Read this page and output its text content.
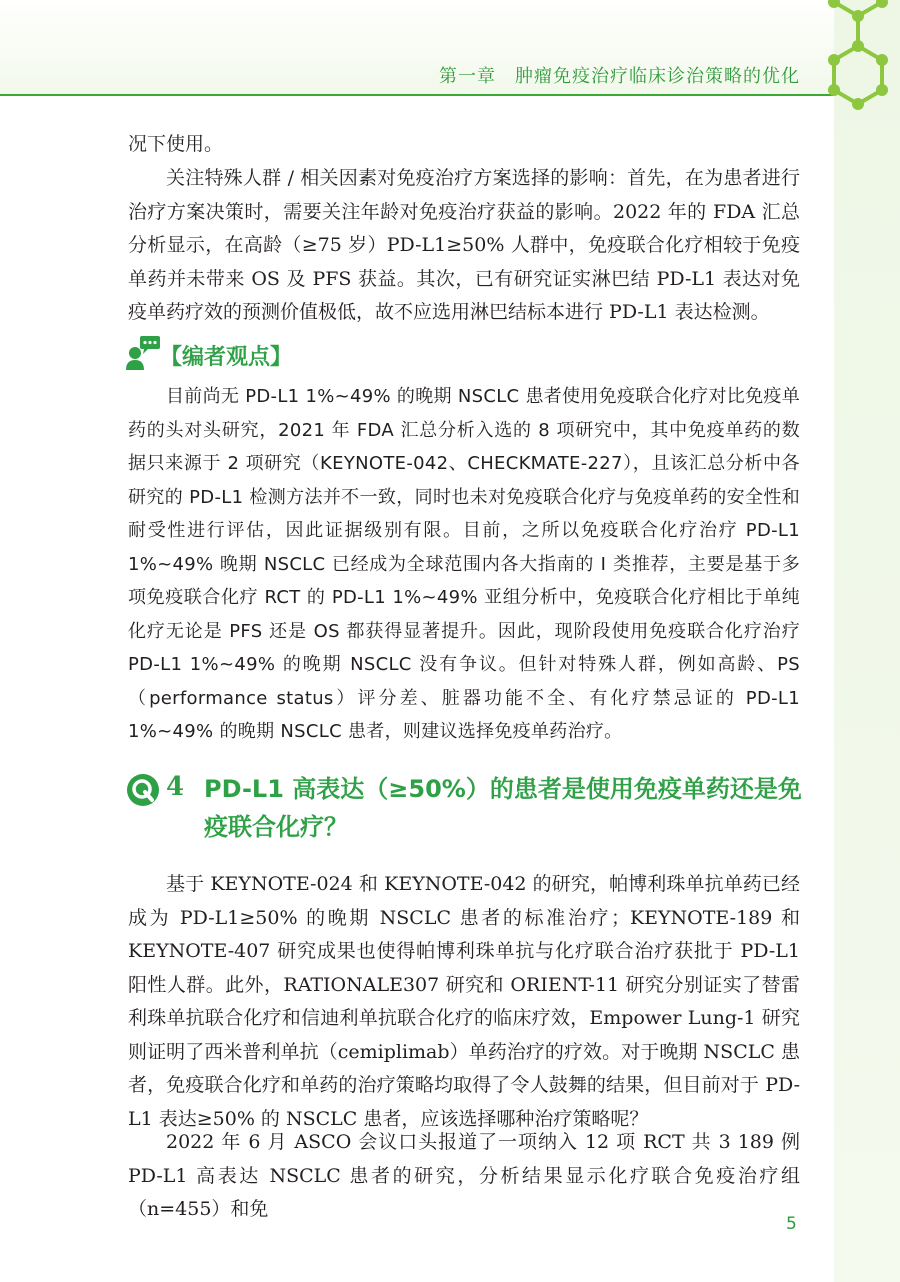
第一章　肿瘤免疫治疗临床诊治策略的优化

况下使用。

关注特殊人群 / 相关因素对免疫治疗方案选择的影响：首先，在为患者进行治疗方案决策时，需要关注年龄对免疫治疗获益的影响。2022 年的 FDA 汇总分析显示，在高龄（≥75 岁）PD-L1≥50% 人群中，免疫联合化疗相较于免疫单药并未带来 OS 及 PFS 获益。其次，已有研究证实淋巴结 PD-L1 表达对免疫单药疗效的预测价值极低，故不应选用淋巴结标本进行 PD-L1 表达检测。

【编者观点】

目前尚无 PD-L1 1%~49% 的晚期 NSCLC 患者使用免疫联合化疗对比免疫单药的头对头研究，2021 年 FDA 汇总分析入选的 8 项研究中，其中免疫单药的数据只来源于 2 项研究（KEYNOTE-042、CHECKMATE-227），且该汇总分析中各研究的 PD-L1 检测方法并不一致，同时也未对免疫联合化疗与免疫单药的安全性和耐受性进行评估，因此证据级别有限。目前，之所以免疫联合化疗治疗 PD-L1 1%~49% 晚期 NSCLC 已经成为全球范围内各大指南的 Ⅰ 类推荐，主要是基于多项免疫联合化疗 RCT 的 PD-L1 1%~49% 亚组分析中，免疫联合化疗相比于单纯化疗无论是 PFS 还是 OS 都获得显著提升。因此，现阶段使用免疫联合化疗治疗 PD-L1 1%~49% 的晚期 NSCLC 没有争议。但针对特殊人群，例如高龄、PS（performance status）评分差、脏器功能不全、有化疗禁忌证的 PD-L1 1%~49% 的晚期 NSCLC 患者，则建议选择免疫单药治疗。

4 PD-L1 高表达（≥50%）的患者是使用免疫单药还是免疫联合化疗？

基于 KEYNOTE-024 和 KEYNOTE-042 的研究，帕博利珠单抗单药已经成为 PD-L1≥50% 的晚期 NSCLC 患者的标准治疗；KEYNOTE-189 和 KEYNOTE-407 研究成果也使得帕博利珠单抗与化疗联合治疗获批于 PD-L1 阳性人群。此外，RATIONALE307 研究和 ORIENT-11 研究分别证实了替雷利珠单抗联合化疗和信迪利单抗联合化疗的临床疗效，Empower Lung-1 研究则证明了西米普利单抗（cemiplimab）单药治疗的疗效。对于晚期 NSCLC 患者，免疫联合化疗和单药的治疗策略均取得了令人鼓舞的结果，但目前对于 PD-L1 表达≥50% 的 NSCLC 患者，应该选择哪种治疗策略呢？

2022 年 6 月 ASCO 会议口头报道了一项纳入 12 项 RCT 共 3 189 例 PD-L1 高表达 NSCLC 患者的研究，分析结果显示化疗联合免疫治疗组（n=455）和免

5
